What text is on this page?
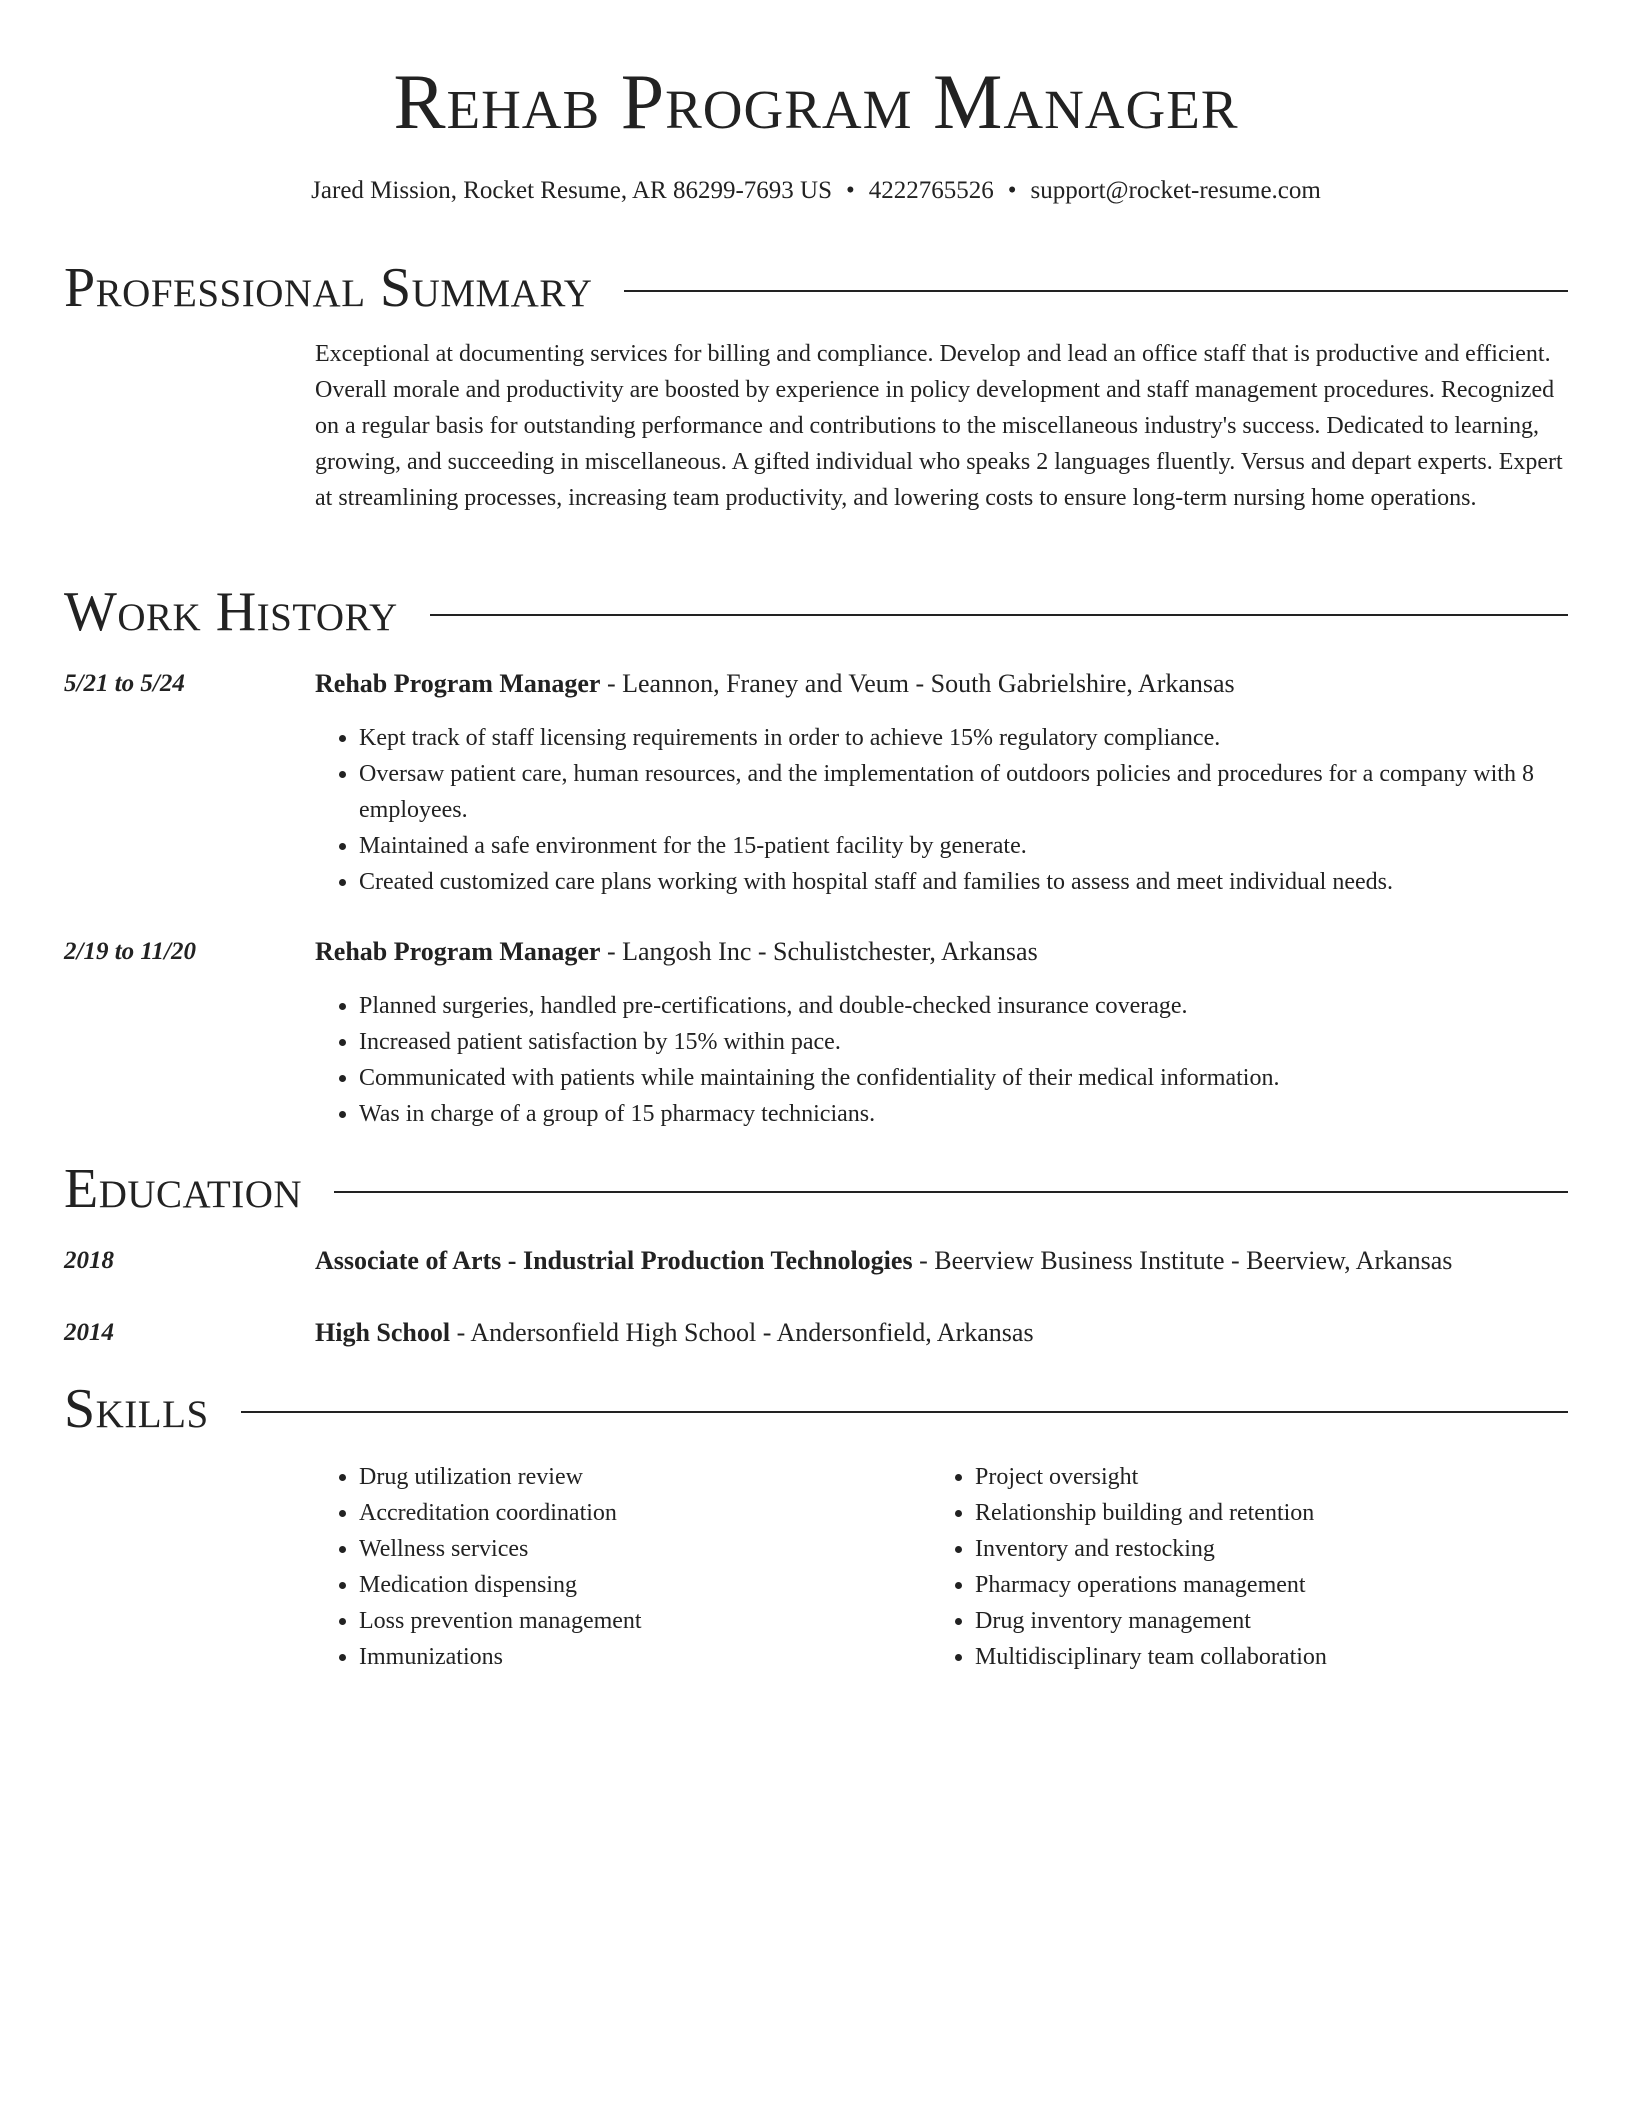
Rehab Program Manager
Jared Mission, Rocket Resume, AR 86299-7693 US • 4222765526 • support@rocket-resume.com
Professional Summary
Exceptional at documenting services for billing and compliance. Develop and lead an office staff that is productive and efficient. Overall morale and productivity are boosted by experience in policy development and staff management procedures. Recognized on a regular basis for outstanding performance and contributions to the miscellaneous industry's success. Dedicated to learning, growing, and succeeding in miscellaneous. A gifted individual who speaks 2 languages fluently. Versus and depart experts. Expert at streamlining processes, increasing team productivity, and lowering costs to ensure long-term nursing home operations.
Work History
5/21 to 5/24	Rehab Program Manager - Leannon, Franey and Veum - South Gabrielshire, Arkansas
• Kept track of staff licensing requirements in order to achieve 15% regulatory compliance.
• Oversaw patient care, human resources, and the implementation of outdoors policies and procedures for a company with 8 employees.
• Maintained a safe environment for the 15-patient facility by generate.
• Created customized care plans working with hospital staff and families to assess and meet individual needs.
2/19 to 11/20	Rehab Program Manager - Langosh Inc - Schulistchester, Arkansas
• Planned surgeries, handled pre-certifications, and double-checked insurance coverage.
• Increased patient satisfaction by 15% within pace.
• Communicated with patients while maintaining the confidentiality of their medical information.
• Was in charge of a group of 15 pharmacy technicians.
Education
2018	Associate of Arts - Industrial Production Technologies - Beerview Business Institute - Beerview, Arkansas
2014	High School - Andersonfield High School - Andersonfield, Arkansas
Skills
• Drug utilization review
• Accreditation coordination
• Wellness services
• Medication dispensing
• Loss prevention management
• Immunizations
• Project oversight
• Relationship building and retention
• Inventory and restocking
• Pharmacy operations management
• Drug inventory management
• Multidisciplinary team collaboration
